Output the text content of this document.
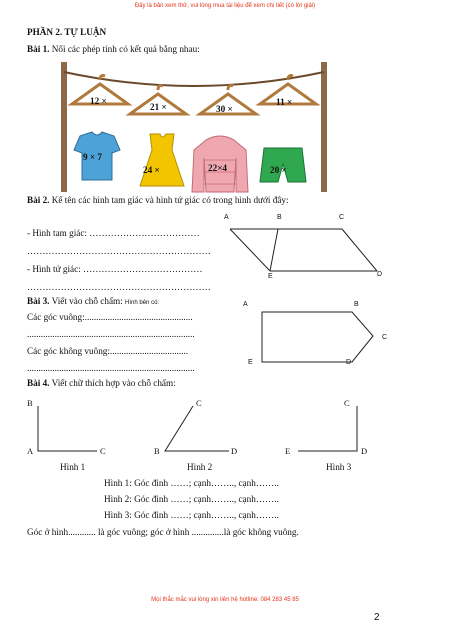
Đây là bản xem thử, vui lòng mua tài liệu để xem chi tiết (có lời giải)
Mọi thắc mắc vui lòng xin liên hệ hotline: 084 283 45 85
PHẦN 2. TỰ LUẬN
Bài 1. Nối các phép tính có kết quả bằng nhau:
12 ×
21 ×	30 ×
11 ×
9 × 7
24 ×	22×4	20 ×
Bài 2. Kể tên các hình tam giác và hình tứ giác có trong hình dưới đây:
- Hình tam giác: ………………………………
……………………………………………………
- Hình tứ giác: …………………………………
……………………………………………………
A	B	C
E	D
Bài 3. Viết vào chỗ chấm: Hình bên có:
Các góc vuông:...............................................
.........................................................................
Các góc không vuông:..................................
.........................................................................
A	B
C
D
E
Bài 4. Viết chữ thích hợp vào chỗ chấm:
B
A	C
Hình 1
C
B	D
Hình 2
C
E	D
Hình 3
Hình 1: Góc đỉnh ……; cạnh…….., cạnh……..
Hình 2: Góc đỉnh ……; cạnh…….., cạnh……..
Hình 3: Góc đỉnh ……; cạnh…….., cạnh……..
Góc ở hình............ là góc vuông; góc ở hình ..............là góc không vuông.
2
